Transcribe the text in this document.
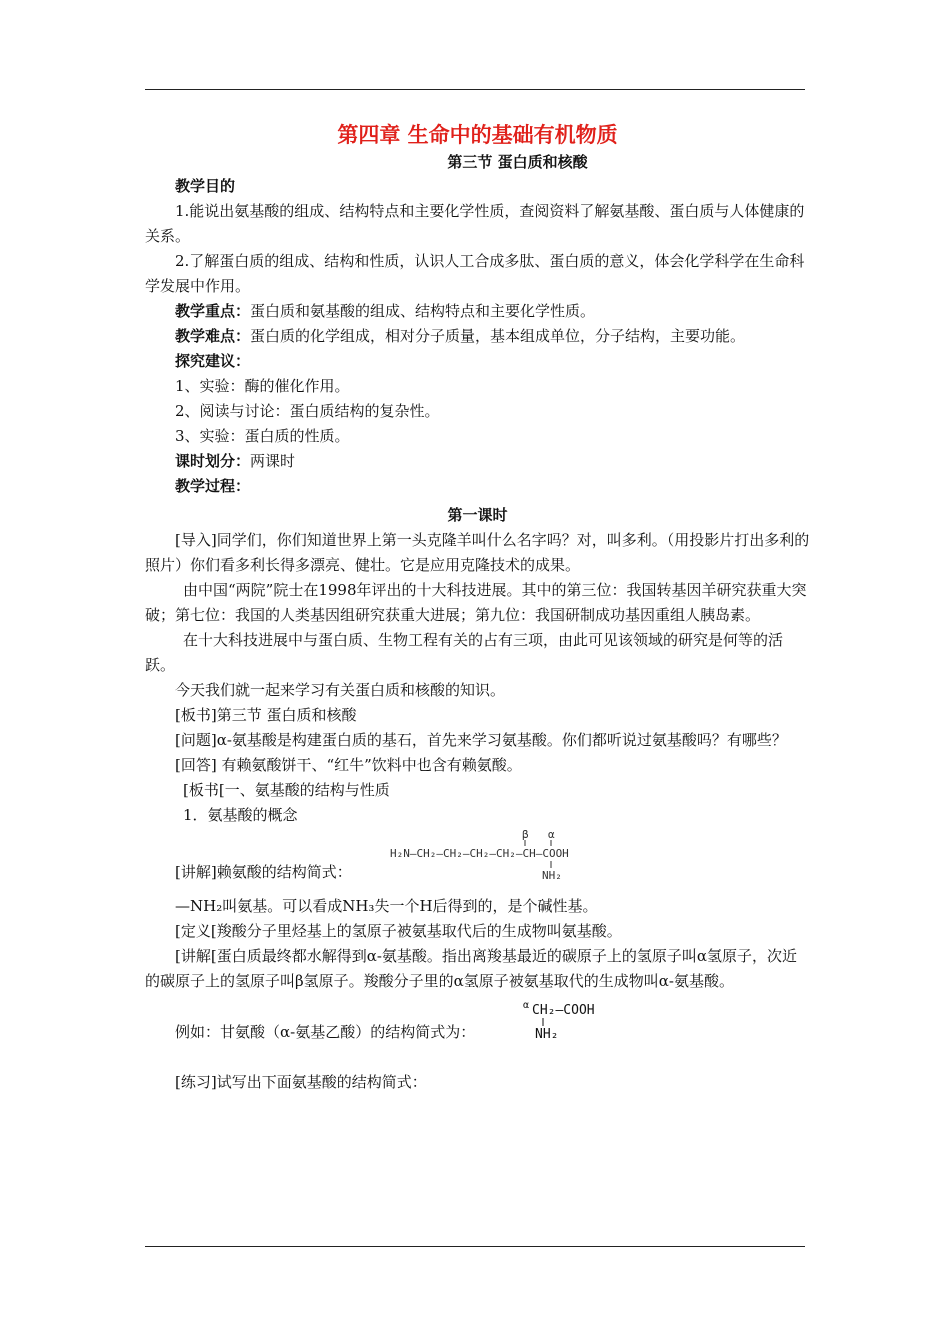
第四章 生命中的基础有机物质

第三节 蛋白质和核酸

教学目的

1.能说出氨基酸的组成、结构特点和主要化学性质，查阅资料了解氨基酸、蛋白质与人体健康的关系。

2.了解蛋白质的组成、结构和性质，认识人工合成多肽、蛋白质的意义，体会化学科学在生命科学发展中作用。

教学重点：蛋白质和氨基酸的组成、结构特点和主要化学性质。

教学难点：蛋白质的化学组成，相对分子质量，基本组成单位，分子结构，主要功能。

探究建议：

1、实验：酶的催化作用。

2、阅读与讨论：蛋白质结构的复杂性。

3、实验：蛋白质的性质。

课时划分：两课时

教学过程：

第一课时

[导入]同学们，你们知道世界上第一头克隆羊叫什么名字吗？对，叫多利。（用投影片打出多利的照片）你们看多利长得多漂亮、健壮。它是应用克隆技术的成果。

由中国“两院”院士在1998年评出的十大科技进展。其中的第三位：我国转基因羊研究获重大突破；第七位：我国的人类基因组研究获重大进展；第九位：我国研制成功基因重组人胰岛素。

在十大科技进展中与蛋白质、生物工程有关的占有三项，由此可见该领域的研究是何等的活跃。

今天我们就一起来学习有关蛋白质和核酸的知识。

[板书]第三节 蛋白质和核酸

[问题]α-氨基酸是构建蛋白质的基石，首先来学习氨基酸。你们都听说过氨基酸吗？有哪些？

[回答] 有赖氨酸饼干、“红牛”饮料中也含有赖氨酸。

[板书[一、氨基酸的结构与性质

1．氨基酸的概念

[讲解]赖氨酸的结构简式：
β α
H₂N—CH₂—CH₂—CH₂—CH₂—CH—COOH
NH₂

—NH₂叫氨基。可以看成NH₃失一个H后得到的，是个碱性基。

[定义[羧酸分子里烃基上的氢原子被氨基取代后的生成物叫氨基酸。

[讲解[蛋白质最终都水解得到α-氨基酸。指出离羧基最近的碳原子上的氢原子叫α氢原子，次近的碳原子上的氢原子叫β氢原子。羧酸分子里的α氢原子被氨基取代的生成物叫α-氨基酸。

例如：甘氨酸（α-氨基乙酸）的结构简式为：
α CH₂—COOH
NH₂

[练习]试写出下面氨基酸的结构简式：
